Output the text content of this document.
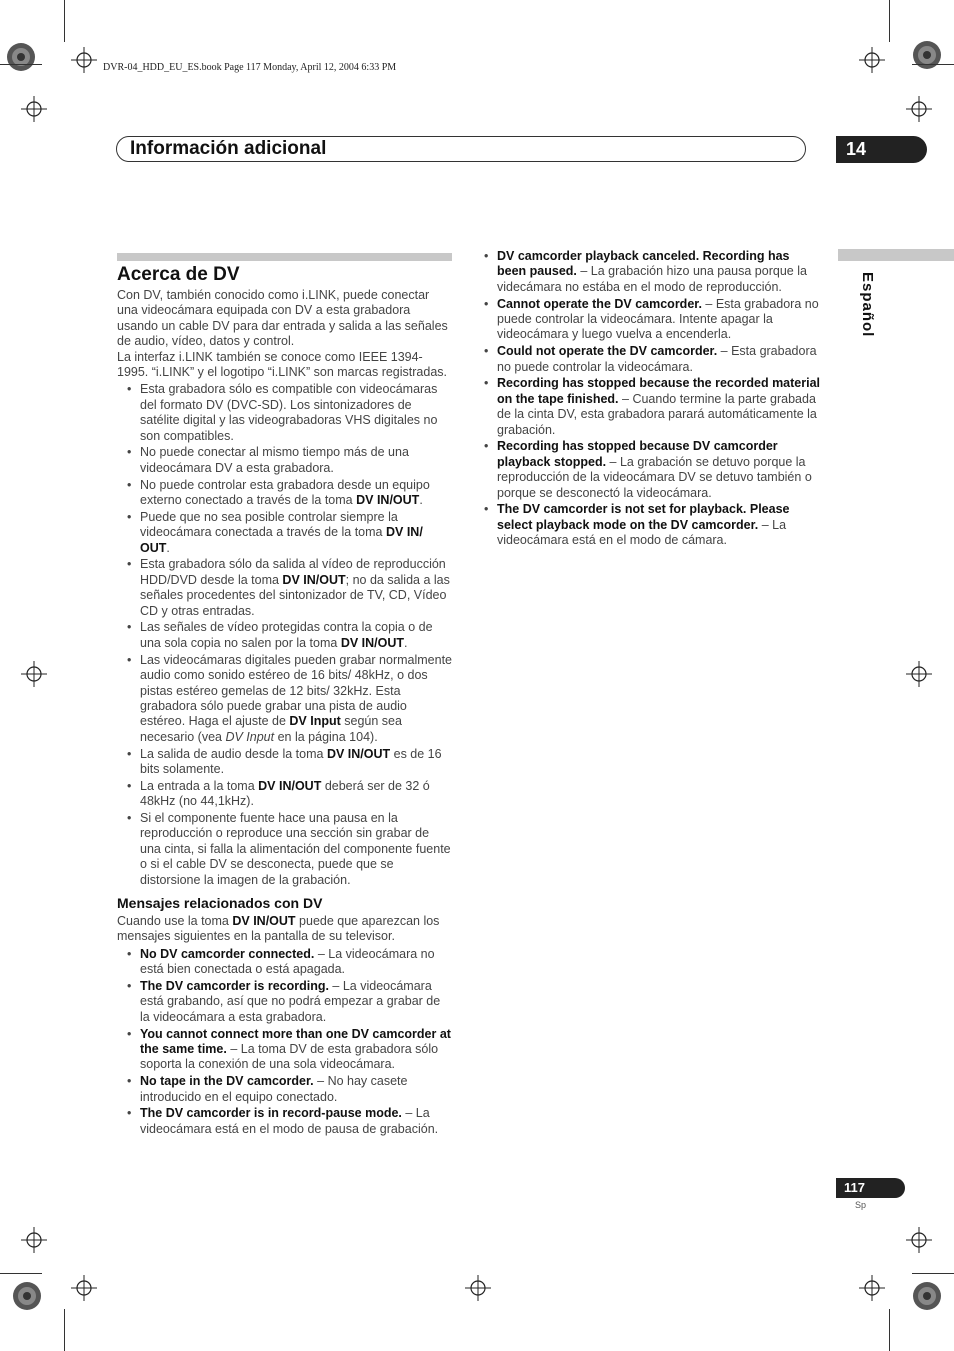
DVR-04_HDD_EU_ES.book Page 117 Monday, April 12, 2004 6:33 PM
Información adicional	14
Español
Acerca de DV

Con DV, también conocido como i.LINK, puede conectar una videocámara equipada con DV a esta grabadora usando un cable DV para dar entrada y salida a las señales de audio, vídeo, datos y control.

La interfaz i.LINK también se conoce como IEEE 1394-1995. “i.LINK” y el logotipo “i.LINK” son marcas registradas.

• Esta grabadora sólo es compatible con videocámaras del formato DV (DVC-SD). Los sintonizadores de satélite digital y las videograbadoras VHS digitales no son compatibles.
• No puede conectar al mismo tiempo más de una videocámara DV a esta grabadora.
• No puede controlar esta grabadora desde un equipo externo conectado a través de la toma DV IN/OUT.
• Puede que no sea posible controlar siempre la videocámara conectada a través de la toma DV IN/ OUT.
• Esta grabadora sólo da salida al vídeo de reproducción HDD/DVD desde la toma DV IN/OUT; no da salida a las señales procedentes del sintonizador de TV, CD, Vídeo CD y otras entradas.
• Las señales de vídeo protegidas contra la copia o de una sola copia no salen por la toma DV IN/OUT.
• Las videocámaras digitales pueden grabar normalmente audio como sonido estéreo de 16 bits/ 48kHz, o dos pistas estéreo gemelas de 12 bits/ 32kHz. Esta grabadora sólo puede grabar una pista de audio estéreo. Haga el ajuste de DV Input según sea necesario (vea DV Input en la página 104).
• La salida de audio desde la toma DV IN/OUT es de 16 bits solamente.
• La entrada a la toma DV IN/OUT deberá ser de 32 ó 48kHz (no 44,1kHz).
• Si el componente fuente hace una pausa en la reproducción o reproduce una sección sin grabar de una cinta, si falla la alimentación del componente fuente o si el cable DV se desconecta, puede que se distorsione la imagen de la grabación.
Mensajes relacionados con DV

Cuando use la toma DV IN/OUT puede que aparezcan los mensajes siguientes en la pantalla de su televisor.

• No DV camcorder connected. – La videocámara no está bien conectada o está apagada.
• The DV camcorder is recording. – La videocámara está grabando, así que no podrá empezar a grabar de la videocámara a esta grabadora.
• You cannot connect more than one DV camcorder at the same time. – La toma DV de esta grabadora sólo soporta la conexión de una sola videocámara.
• No tape in the DV camcorder. – No hay casete introducido en el equipo conectado.
• The DV camcorder is in record-pause mode. – La videocámara está en el modo de pausa de grabación.
• DV camcorder playback canceled. Recording has been paused. – La grabación hizo una pausa porque la videcámara no estába en el modo de reproducción.
• Cannot operate the DV camcorder. – Esta grabadora no puede controlar la videocámara. Intente apagar la videocámara y luego vuelva a encenderla.
• Could not operate the DV camcorder. – Esta grabadora no puede controlar la videocámara.
• Recording has stopped because the recorded material on the tape finished. – Cuando termine la parte grabada de la cinta DV, esta grabadora parará automáticamente la grabación.
• Recording has stopped because DV camcorder playback stopped. – La grabación se detuvo porque la reproducción de la videocámara DV se detuvo también o porque se desconectó la videocámara.
• The DV camcorder is not set for playback. Please select playback mode on the DV camcorder. – La videocámara está en el modo de cámara.
117
Sp
